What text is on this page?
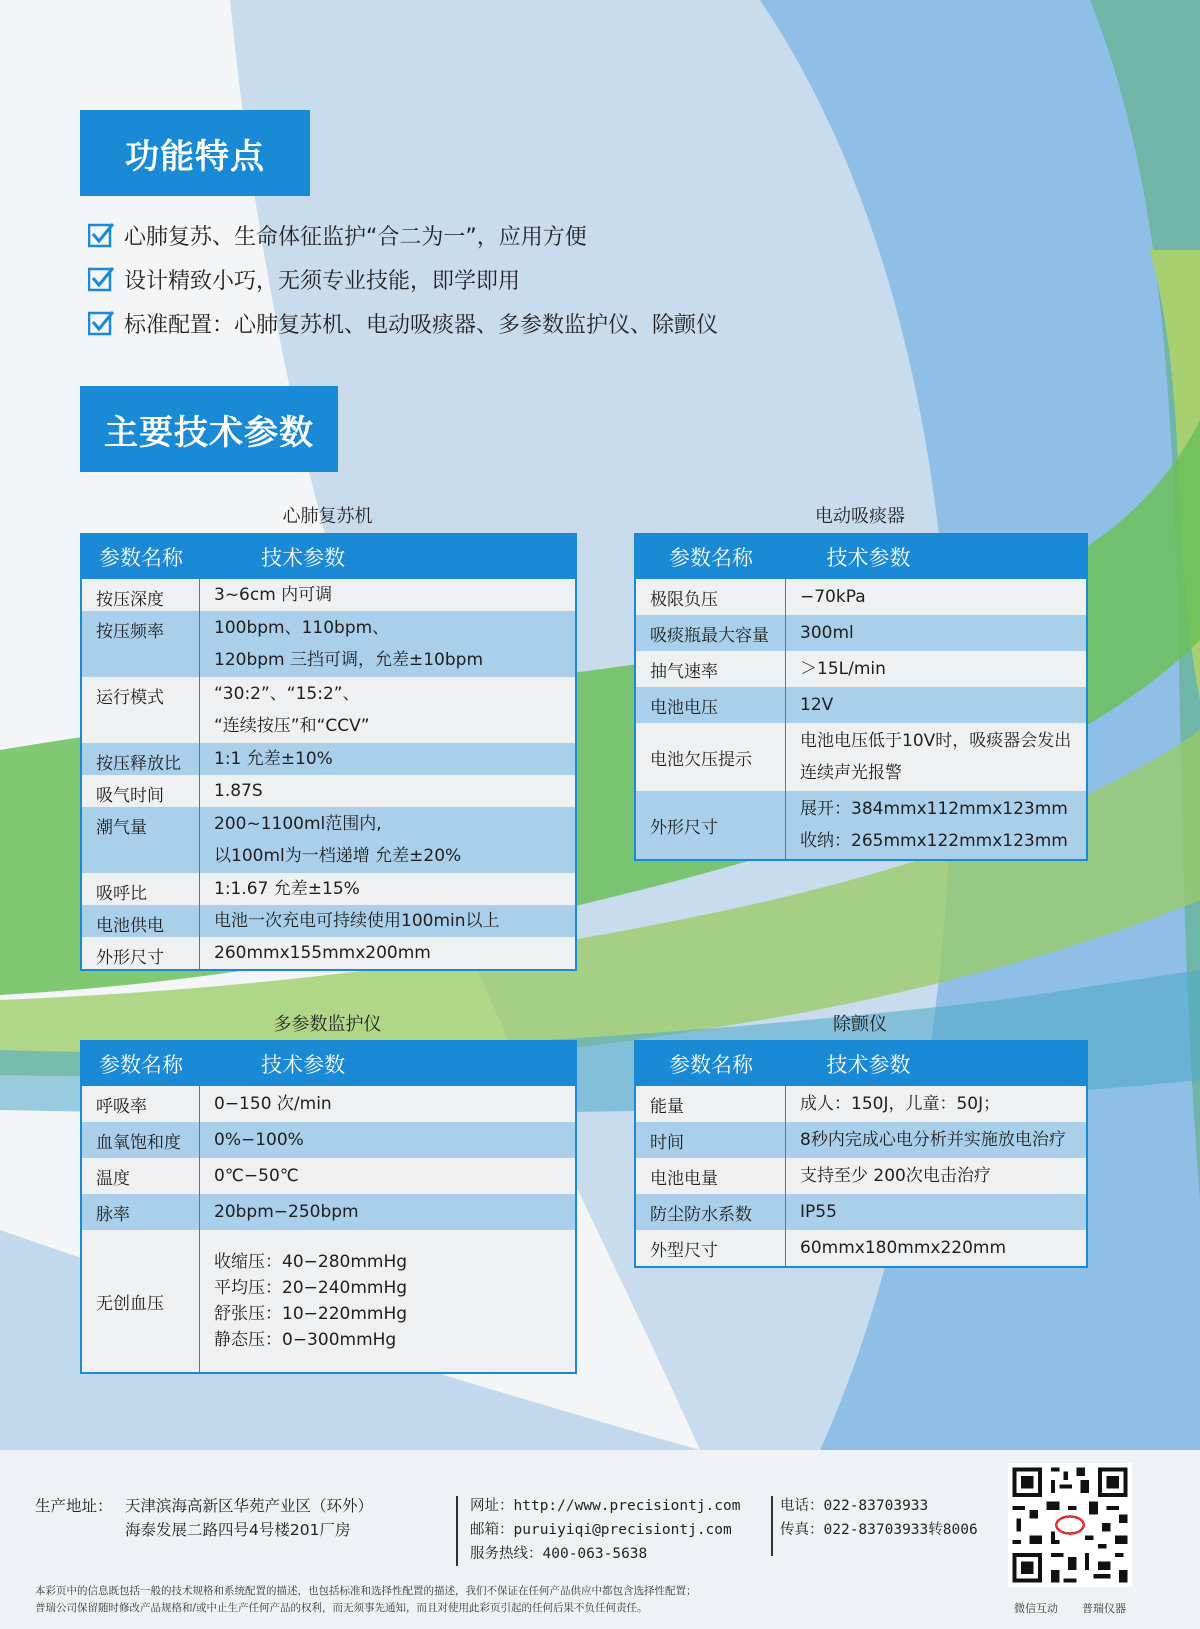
功能特点
心肺复苏、生命体征监护“合二为一”，应用方便
设计精致小巧，无须专业技能，即学即用
标准配置：心肺复苏机、电动吸痰器、多参数监护仪、除颤仪
主要技术参数
心肺复苏机	电动吸痰器
多参数监护仪	除颤仪
参数名称	技术参数
按压深度	3~6cm 内可调
按压频率	100bpm、110bpm、
120bpm 三挡可调，允差±10bpm
运行模式	“30:2”、“15:2”、
“连续按压”和“CCV”
按压释放比	1:1 允差±10%
吸气时间	1.87S
潮气量	200~1100ml范围内,
以100ml为一档递增 允差±20%
吸呼比	1:1.67 允差±15%
电池供电	电池一次充电可持续使用100min以上
外形尺寸	260mmx155mmx200mm
参数名称	技术参数
极限负压	−70kPa
吸痰瓶最大容量	300ml
抽气速率	＞15L/min
电池电压	12V
电池欠压提示
电池电压低于10V时，吸痰器会发出
连续声光报警
外形尺寸
展开：384mmx112mmx123mm
收纳：265mmx122mmx123mm
参数名称	技术参数
呼吸率	0−150 次/min
血氧饱和度	0%−100%
温度	0℃−50℃
脉率	20bpm−250bpm
无创血压
收缩压：40−280mmHg
平均压：20−240mmHg
舒张压：10−220mmHg
静态压：0−300mmHg
参数名称	技术参数
能量	成人：150J，儿童：50J；
时间	8秒内完成心电分析并实施放电治疗
电池电量	支持至少 200次电击治疗
防尘防水系数	IP55
外型尺寸	60mmx180mmx220mm
生产地址： 天津滨海高新区华苑产业区（环外）
海泰发展二路四号4号楼201厂房
网址：http://www.precisiontj.com
邮箱：puruiyiqi@precisiontj.com
服务热线：400-063-5638
电话：022-83703933
传真：022-83703933转8006
本彩页中的信息既包括一般的技术规格和系统配置的描述，也包括标准和选择性配置的描述，我们不保证在任何产品供应中都包含选择性配置；
普瑞公司保留随时修改产品规格和/或中止生产任何产品的权利，而无须事先通知，而且对使用此彩页引起的任何后果不负任何责任。	微信互动 普瑞仪器
